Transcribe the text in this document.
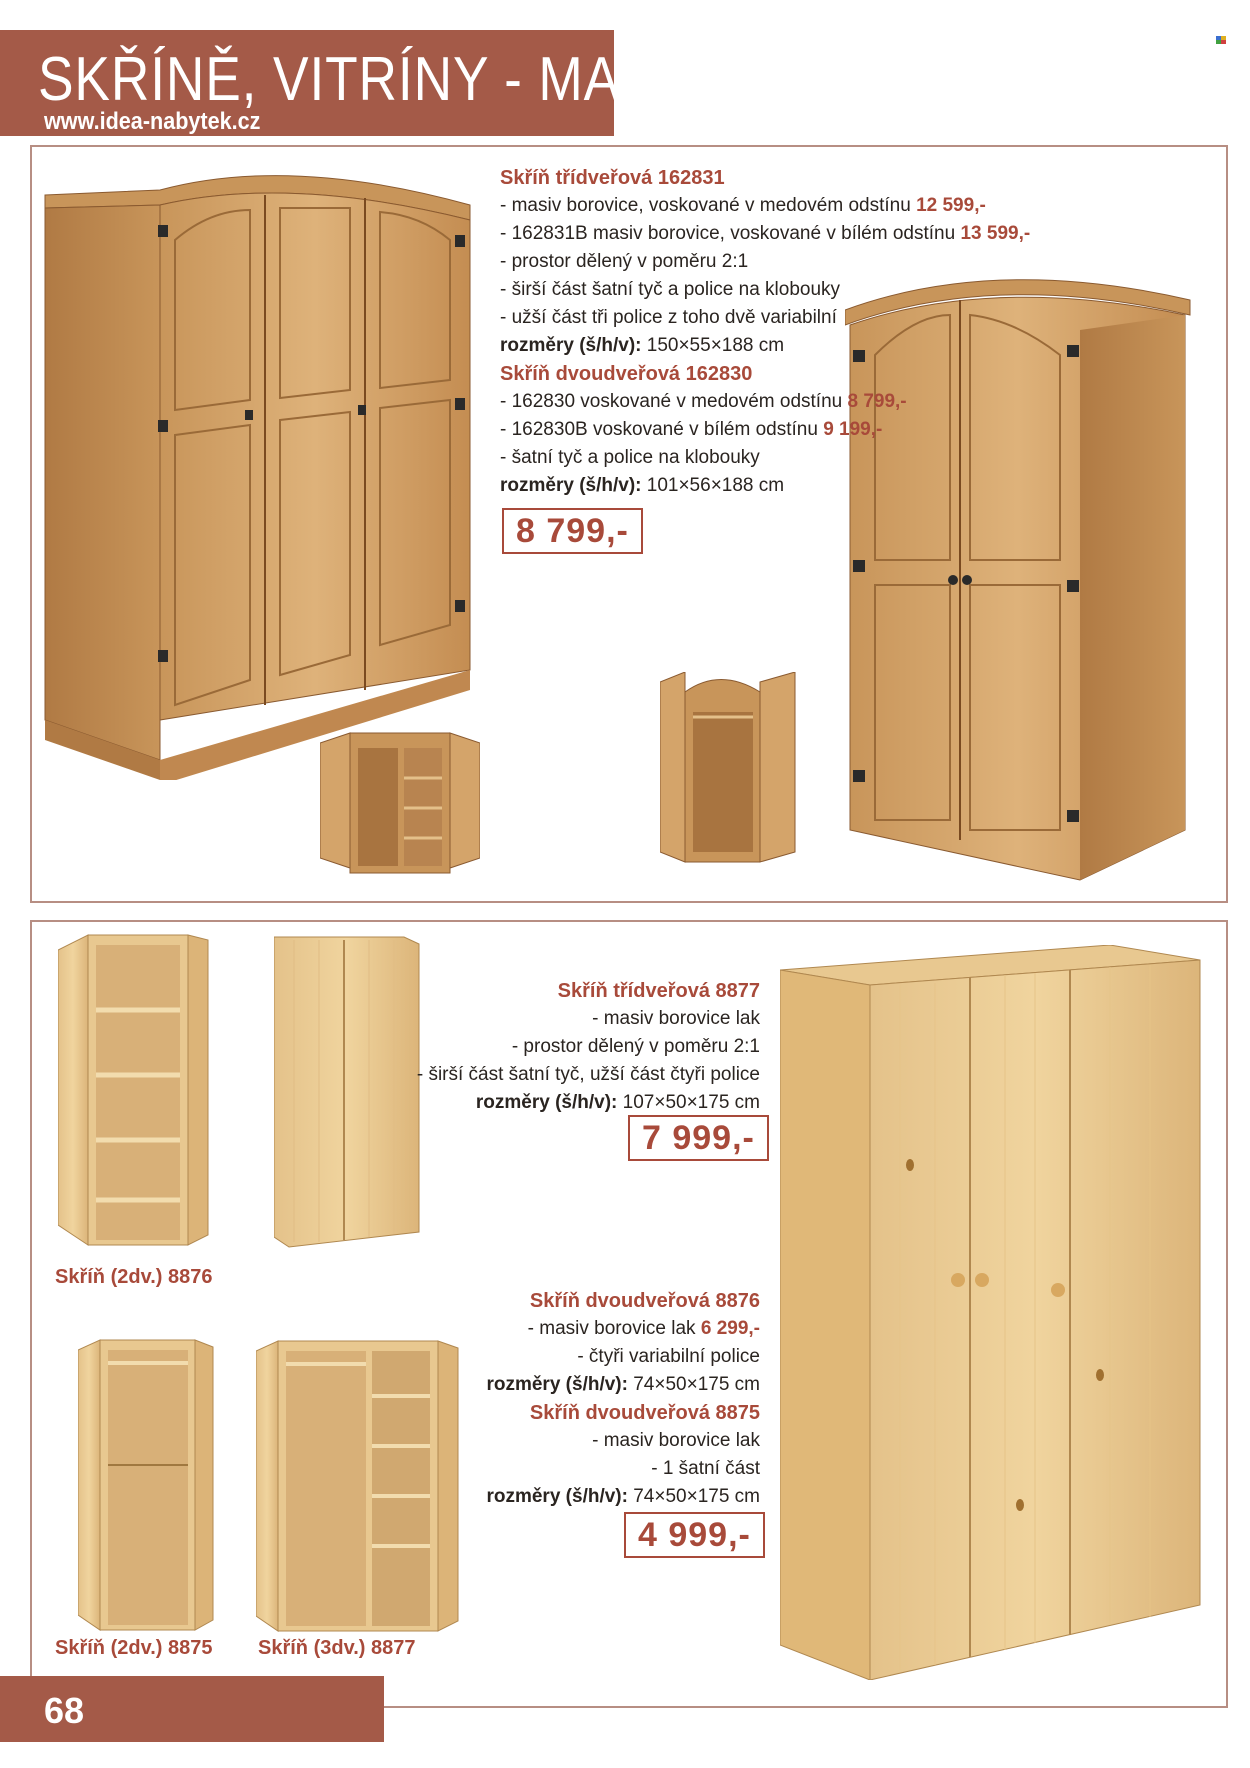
SKŘÍNĚ, VITRÍNY - MASIV
www.idea-nabytek.cz
Skříň třídveřová 162831
- masiv borovice, voskované v medovém odstínu 12 599,-
- 162831B masiv borovice, voskované v bílém odstínu 13 599,-
- prostor dělený v poměru 2:1
- širší část šatní tyč a police na klobouky
- užší část tři police z toho dvě variabilní
rozměry (š/h/v): 150×55×188 cm
Skříň dvoudveřová 162830
- 162830 voskované v medovém odstínu 8 799,-
- 162830B voskované v bílém odstínu 9 199,-
- šatní tyč a police na klobouky
rozměry (š/h/v): 101×56×188 cm
8 799,-
Skříň třídveřová 8877
- masiv borovice lak
- prostor dělený v poměru 2:1
- širší část šatní tyč, užší část čtyři police
rozměry (š/h/v): 107×50×175 cm
7 999,-
Skříň dvoudveřová 8876
- masiv borovice lak 6 299,-
- čtyři variabilní police
rozměry (š/h/v): 74×50×175 cm
Skříň dvoudveřová 8875
- masiv borovice lak
- 1 šatní část
rozměry (š/h/v): 74×50×175 cm
4 999,-
Skříň (2dv.) 8876
Skříň (2dv.) 8875 Skříň (3dv.) 8877
68
